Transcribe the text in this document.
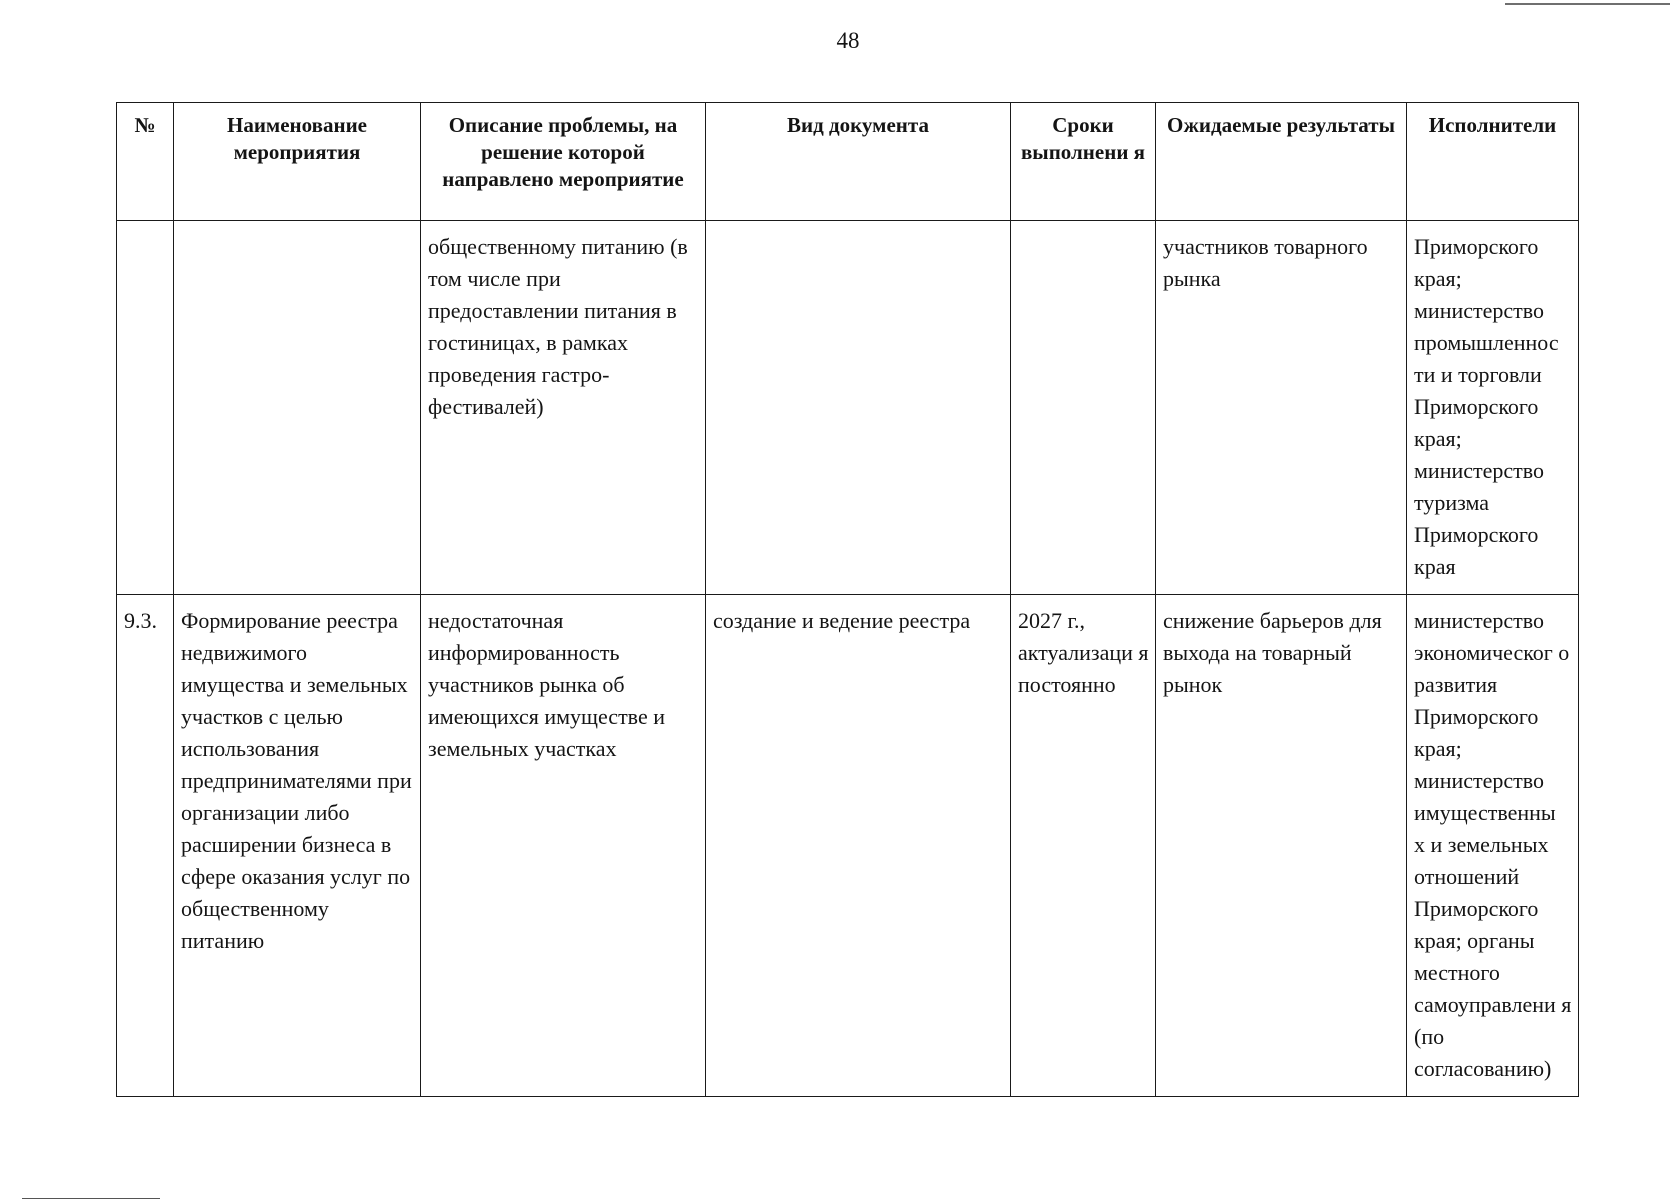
48
№	Наименование мероприятия	Описание проблемы, на решение которой направлено мероприятие	Вид документа	Сроки выполнени я	Ожидаемые результаты	Исполнители
		общественному питанию (в том числе при предоставлении питания в гостиницах, в рамках проведения гастро- фестивалей)			участников товарного рынка	Приморского края; министерство промышленнос ти и торговли Приморского края; министерство туризма Приморского края
9.3.	Формирование реестра недвижимого имущества и земельных участков с целью использования предпринимателями при организации либо расширении бизнеса в сфере оказания услуг по общественному питанию	недостаточная информированность участников рынка об имеющихся имуществе и земельных участках	создание и ведение реестра	2027 г., актуализаци я постоянно	снижение барьеров для выхода на товарный рынок	министерство экономическог о развития Приморского края; министерство имущественны х и земельных отношений Приморского края; органы местного самоуправлени я (по согласованию)
